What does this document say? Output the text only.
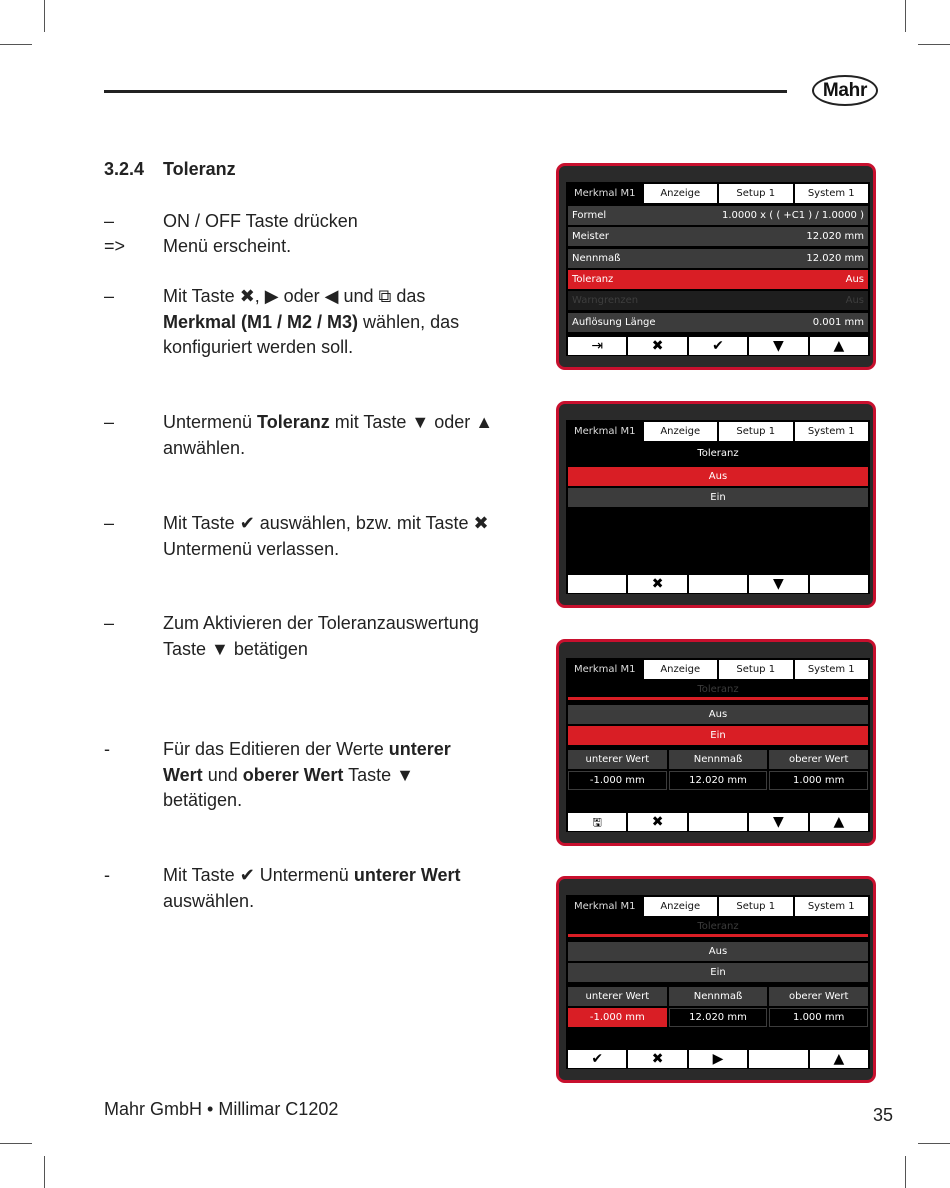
Mahr
3.2.4 Toleranz
–	ON / OFF Taste drücken
=> Menü erscheint.
–	Mit Taste ✖, ▶ oder ◀ und ⧉ das Merkmal (M1 / M2 / M3) wählen, das konfiguriert werden soll.
–	Untermenü Toleranz mit Taste ▼ oder ▲ anwählen.
–	Mit Taste ✔ auswählen, bzw. mit Taste ✖ Untermenü verlassen.
–	Zum Aktivieren der Toleranzauswertung Taste ▼ betätigen
-	Für das Editieren der Werte unterer Wert und oberer Wert Taste ▼ betätigen.
-	Mit Taste ✔ Untermenü unterer Wert auswählen.
Merkmal M1	Anzeige	Setup 1	System 1
Formel	1.0000 x ( ( +C1 ) / 1.0000 )
Meister	12.020 mm
Nennmaß	12.020 mm
Toleranz	Aus
Warngrenzen	Aus
Auflösung Länge	0.001 mm
⇥	✖	✔	▼	▲
Merkmal M1	Anzeige	Setup 1	System 1
Toleranz
Aus
Ein
✖	▼
Merkmal M1	Anzeige	Setup 1	System 1
Toleranz
Aus
Ein
unterer Wert	Nennmaß	oberer Wert
-1.000 mm	12.020 mm	1.000 mm
🖫	✖	▼	▲
Merkmal M1	Anzeige	Setup 1	System 1
Toleranz
Aus
Ein
unterer Wert	Nennmaß	oberer Wert
-1.000 mm	12.020 mm	1.000 mm
✔	✖	▶	▲
Mahr GmbH • Millimar C1202	35
